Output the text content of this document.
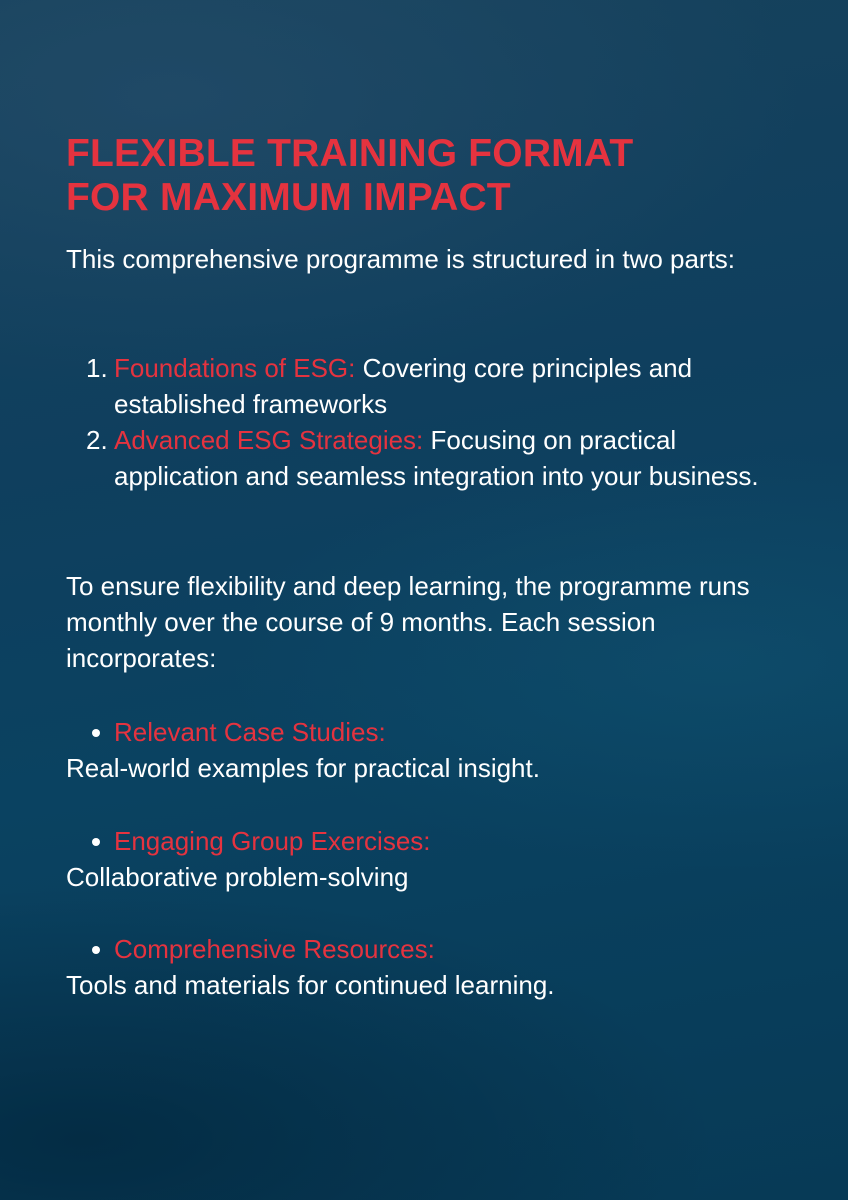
FLEXIBLE TRAINING FORMAT
FOR MAXIMUM IMPACT

This comprehensive programme is structured in two parts:

1. Foundations of ESG: Covering core principles and established frameworks
2. Advanced ESG Strategies: Focusing on practical application and seamless integration into your business.

To ensure flexibility and deep learning, the programme runs monthly over the course of 9 months. Each session incorporates:

Relevant Case Studies:
Real-world examples for practical insight.
Engaging Group Exercises:
Collaborative problem-solving
Comprehensive Resources:
Tools and materials for continued learning.
